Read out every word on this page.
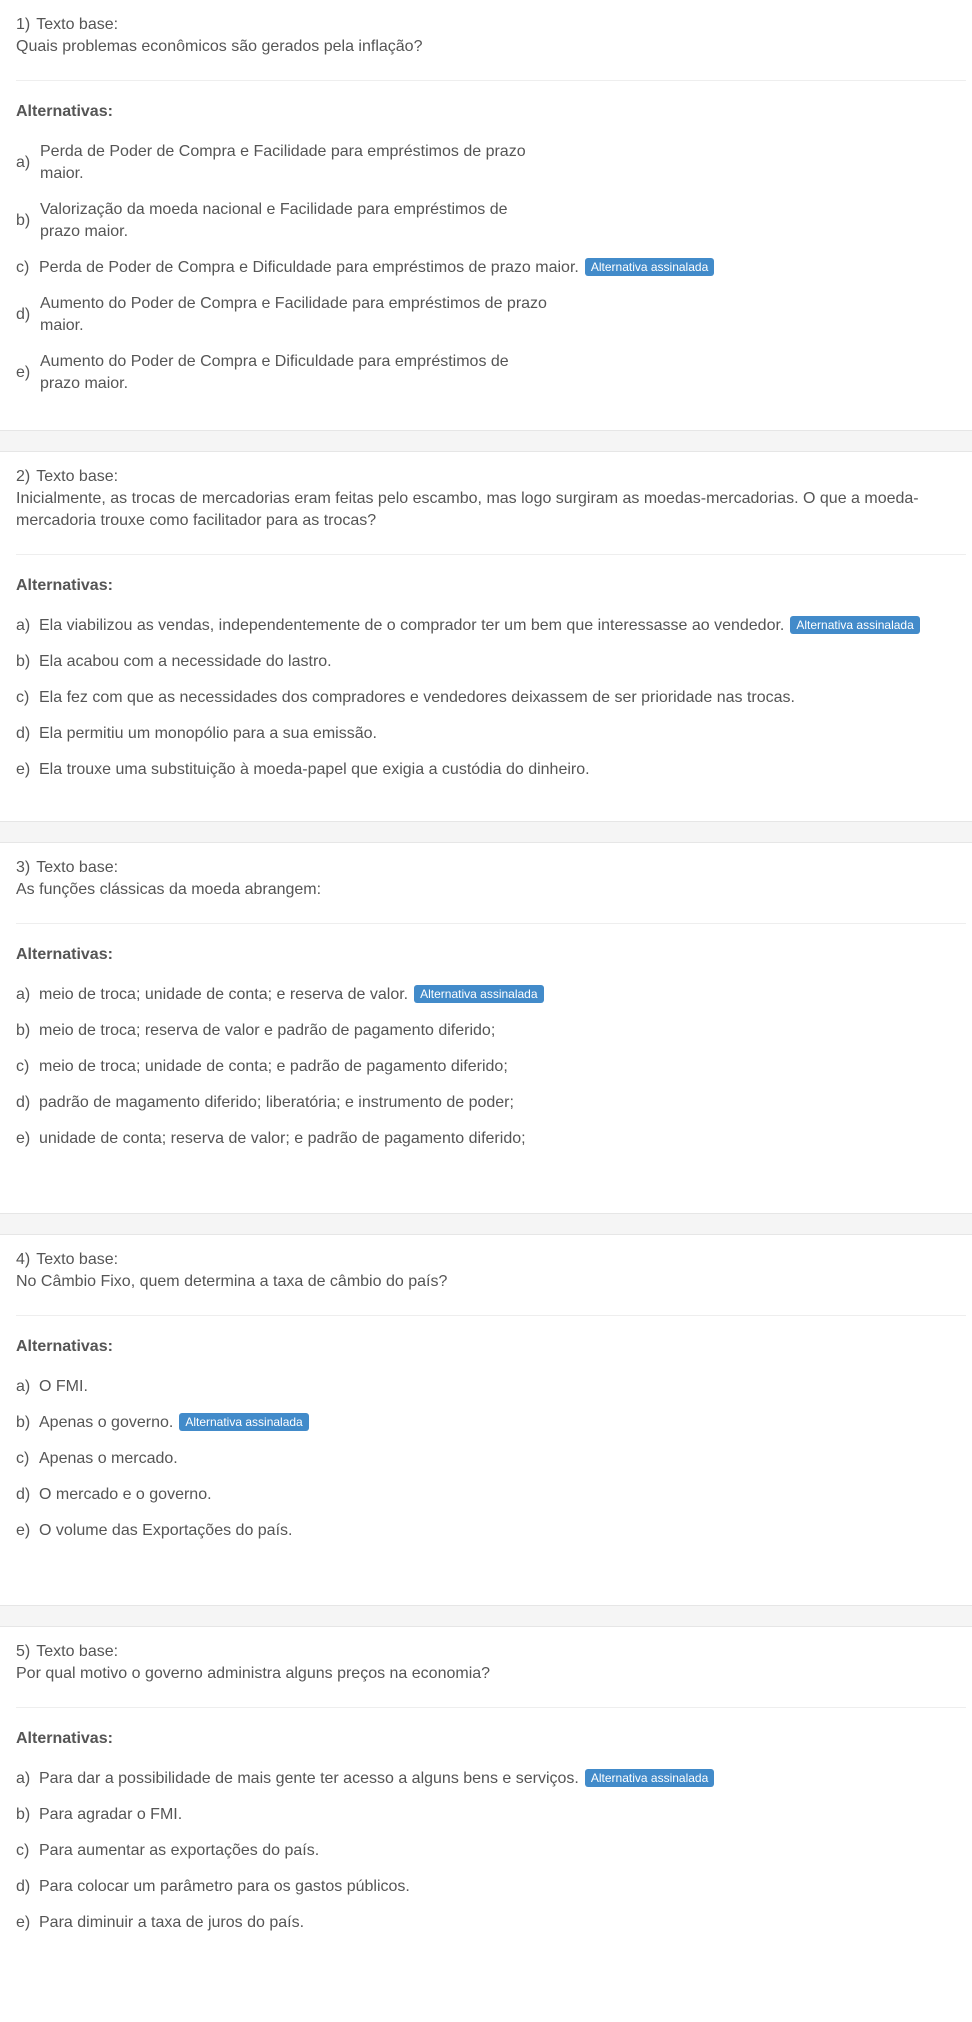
1) Texto base:
Quais problemas econômicos são gerados pela inflação?
Alternativas:
a)
Perda de Poder de Compra e Facilidade para empréstimos de prazo maior.
b)
Valorização da moeda nacional e Facilidade para empréstimos de prazo maior.
c) Perda de Poder de Compra e Dificuldade para empréstimos de prazo maior. Alternativa assinalada
d)
Aumento do Poder de Compra e Facilidade para empréstimos de prazo maior.
e)
Aumento do Poder de Compra e Dificuldade para empréstimos de prazo maior.
2) Texto base:
Inicialmente, as trocas de mercadorias eram feitas pelo escambo, mas logo surgiram as moedas-mercadorias. O que a moeda-mercadoria trouxe como facilitador para as trocas?
Alternativas:
a) Ela viabilizou as vendas, independentemente de o comprador ter um bem que interessasse ao vendedor. Alternativa assinalada
b) Ela acabou com a necessidade do lastro.
c) Ela fez com que as necessidades dos compradores e vendedores deixassem de ser prioridade nas trocas.
d) Ela permitiu um monopólio para a sua emissão.
e) Ela trouxe uma substituição à moeda-papel que exigia a custódia do dinheiro.
3) Texto base:
As funções clássicas da moeda abrangem:
Alternativas:
a) meio de troca; unidade de conta; e reserva de valor. Alternativa assinalada
b) meio de troca; reserva de valor e padrão de pagamento diferido;
c) meio de troca; unidade de conta; e padrão de pagamento diferido;
d) padrão de magamento diferido; liberatória; e instrumento de poder;
e) unidade de conta; reserva de valor; e padrão de pagamento diferido;
4) Texto base:
No Câmbio Fixo, quem determina a taxa de câmbio do país?
Alternativas:
a) O FMI.
b) Apenas o governo. Alternativa assinalada
c) Apenas o mercado.
d) O mercado e o governo.
e) O volume das Exportações do país.
5) Texto base:
Por qual motivo o governo administra alguns preços na economia?
Alternativas:
a) Para dar a possibilidade de mais gente ter acesso a alguns bens e serviços. Alternativa assinalada
b) Para agradar o FMI.
c) Para aumentar as exportações do país.
d) Para colocar um parâmetro para os gastos públicos.
e) Para diminuir a taxa de juros do país.
